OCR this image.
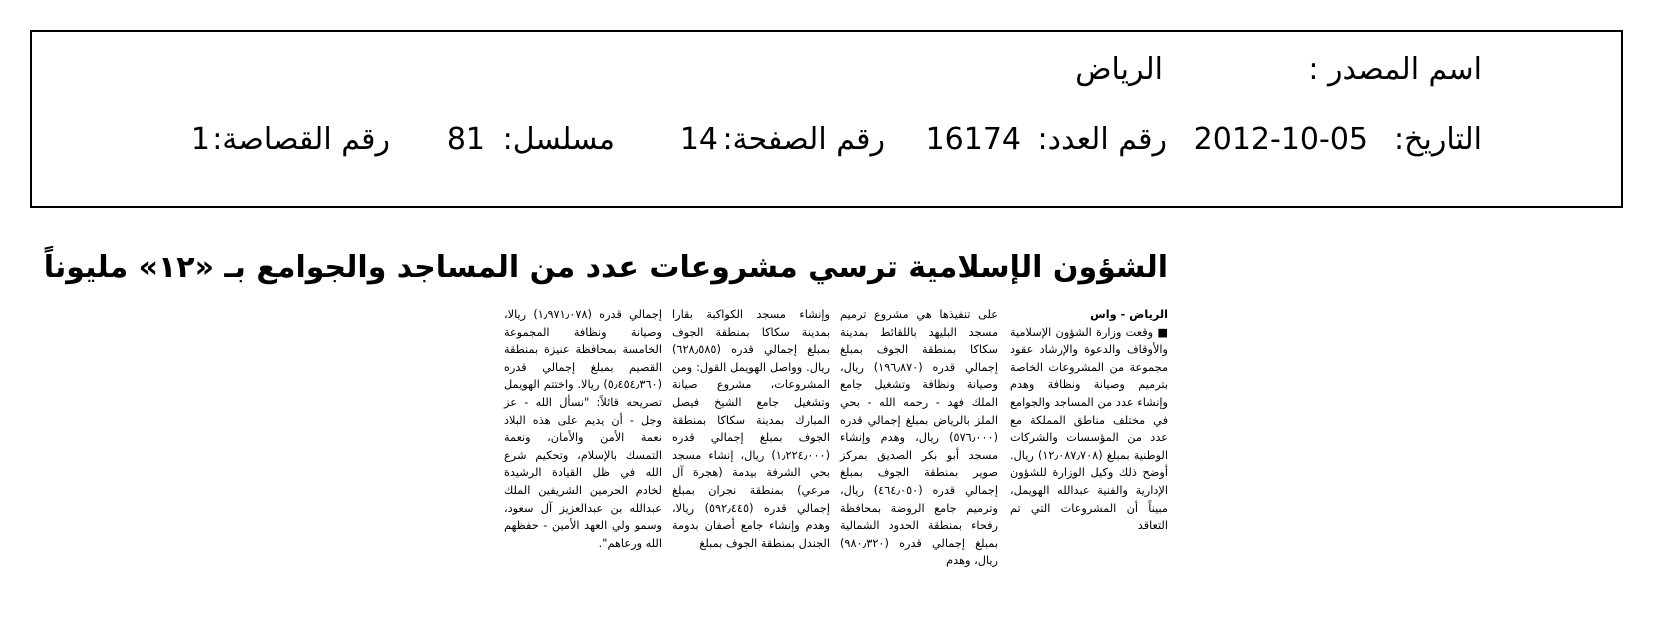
اسم المصدر :
الرياض
التاريخ:
2012-10-05
رقم العدد:
16174
رقم الصفحة:
14
مسلسل:
81
رقم القصاصة:
1
الشؤون الإسلامية ترسي مشروعات عدد من المساجد والجوامع بـ «١٢» مليوناً

الرياض - واس

■ وقعت وزارة الشؤون الإسلامية والأوقاف والدعوة والإرشاد عقود مجموعة من المشروعات الخاصة بترميم وصيانة ونظافة وهدم وإنشاء عدد من المساجد والجوامع في مختلف مناطق المملكة مع عدد من المؤسسات والشركات الوطنية بمبلغ (١٢٫٠٨٧٫٧٠٨) ريال. أوضح ذلك وكيل الوزارة للشؤون الإدارية والفنية عبدالله الهويمل، مبيناً أن المشروعات التي تم التعاقد

على تنفيذها هي مشروع ترميم مسجد البليهد باللقائط بمدينة سكاكا بمنطقة الجوف بمبلغ إجمالي قدره (١٩٦٫٨٧٠) ريال، وصيانة ونظافة وتشغيل جامع الملك فهد - رحمه الله - بحي الملز بالرياض بمبلغ إجمالي قدره (٥٧٦٫٠٠٠) ريال، وهدم وإنشاء مسجد أبو بكر الصديق بمركز صوير بمنطقة الجوف بمبلغ إجمالي قدره (٤٦٤٫٠٥٠) ريال، وترميم جامع الروضة بمحافظة رفحاء بمنطقة الحدود الشمالية بمبلغ إجمالي قدره (٩٨٠٫٣٢٠) ريال، وهدم

وإنشاء مسجد الكواكبة بقارا بمدينة سكاكا بمنطقة الجوف بمبلغ إجمالي قدره (٦٢٨٫٥٨٥) ريال. وواصل الهويمل القول: ومن المشروعات، مشروع صيانة وتشغيل جامع الشيخ فيصل المبارك بمدينة سكاكا بمنطقة الجوف بمبلغ إجمالي قدره (١٫٢٢٤٫٠٠٠) ريال، إنشاء مسجد بحي الشرفة بيدمة (هجرة آل مرعي) بمنطقة نجران بمبلغ إجمالي قدره (٥٩٢٫٤٤٥) ريالا، وهدم وإنشاء جامع أصفان بدومة الجندل بمنطقة الجوف بمبلغ

إجمالي قدره (١٫٩٧١٫٠٧٨) ريالا، وصيانة ونظافة المجموعة الخامسة بمحافظة عنيزة بمنطقة القصيم بمبلغ إجمالي قدره (٥٫٤٥٤٫٣٦٠) ريالا. واختتم الهويمل تصريحه قائلاً: "نسأل الله - عز وجل - أن يديم على هذه البلاد نعمة الأمن والأمان، ونعمة التمسك بالإسلام، وتحكيم شرع الله في ظل القيادة الرشيدة لخادم الحرمين الشريفين الملك عبدالله بن عبدالعزيز آل سعود، وسمو ولي العهد الأمين - حفظهم الله ورعاهم".
